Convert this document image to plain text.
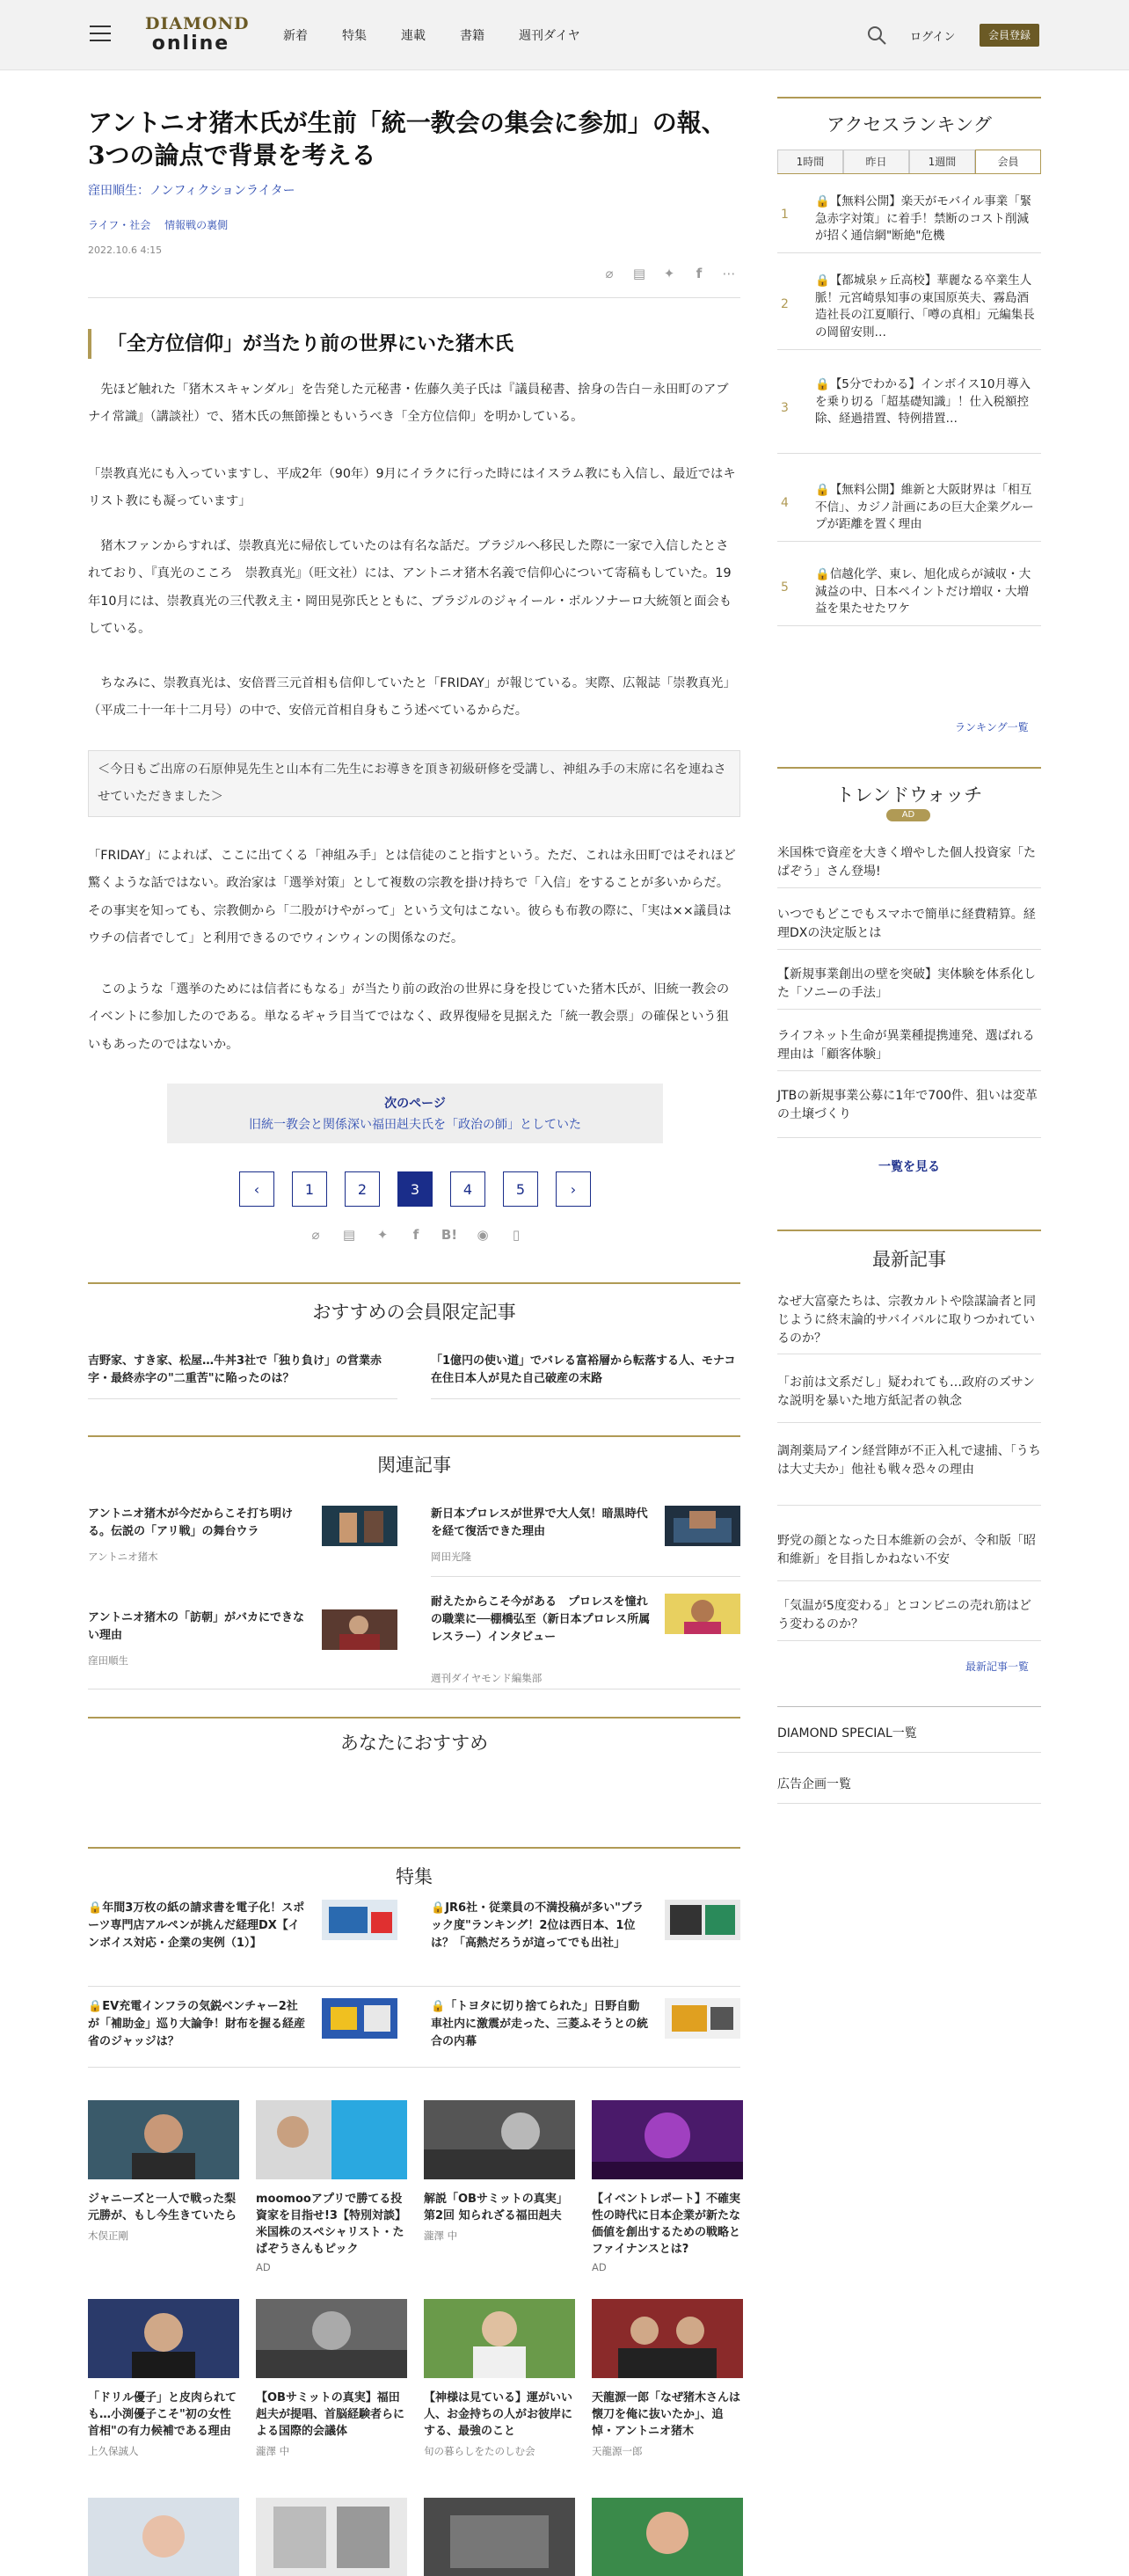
DIAMOND
online	新着	特集	連載	書籍	週刊ダイヤ	ログイン	会員登録
アントニオ猪木氏が生前「統一教会の集会に参加」の報、3つの論点で背景を考える
窪田順生：ノンフィクションライター
ライフ・社会 情報戦の裏側
2022.10.6 4:15
⌀	▤	✦	f	⋯
「全方位信仰」が当たり前の世界にいた猪木氏

先ほど触れた「猪木スキャンダル」を告発した元秘書・佐藤久美子氏は『議員秘書、捨身の告白－永田町のアブナイ常識』（講談社）で、猪木氏の無節操ともいうべき「全方位信仰」を明かしている。

「崇教真光にも入っていますし、平成2年（90年）9月にイラクに行った時にはイスラム教にも入信し、最近ではキリスト教にも凝っています」

猪木ファンからすれば、崇教真光に帰依していたのは有名な話だ。ブラジルへ移民した際に一家で入信したとされており、『真光のこころ　崇教真光』（旺文社）には、アントニオ猪木名義で信仰心について寄稿もしていた。19年10月には、崇教真光の三代教え主・岡田晃弥氏とともに、ブラジルのジャイール・ボルソナーロ大統領と面会もしている。

ちなみに、崇教真光は、安倍晋三元首相も信仰していたと「FRIDAY」が報じている。実際、広報誌「崇教真光」（平成二十一年十二月号）の中で、安倍元首相自身もこう述べているからだ。

＜今日もご出席の石原伸晃先生と山本有二先生にお導きを頂き初級研修を受講し、神組み手の末席に名を連ねさせていただきました＞

「FRIDAY」によれば、ここに出てくる「神組み手」とは信徒のこと指すという。ただ、これは永田町ではそれほど驚くような話ではない。政治家は「選挙対策」として複数の宗教を掛け持ちで「入信」をすることが多いからだ。その事実を知っても、宗教側から「二股がけやがって」という文句はこない。彼らも布教の際に、「実は××議員はウチの信者でして」と利用できるのでウィンウィンの関係なのだ。

このような「選挙のためには信者にもなる」が当たり前の政治の世界に身を投じていた猪木氏が、旧統一教会のイベントに参加したのである。単なるギャラ目当てではなく、政界復帰を見据えた「統一教会票」の確保という狙いもあったのではないか。

次のページ
旧統一教会と関係深い福田赳夫氏を「政治の師」としていた
‹	1	2	3	4	5	›
⌀	▤	✦	f	B! ◉	▯
おすすめの会員限定記事
吉野家、すき家、松屋…牛丼3社で「独り負け」の営業赤字・最終赤字の"二重苦"に陥ったのは？
「1億円の使い道」でバレる富裕層から転落する人、モナコ在住日本人が見た自己破産の末路
関連記事
アントニオ猪木が今だからこそ打ち明ける。伝説の「アリ戦」の舞台ウラ
アントニオ猪木
新日本プロレスが世界で大人気！暗黒時代を経て復活できた理由
岡田光隆
アントニオ猪木の「訪朝」がバカにできない理由
窪田順生
耐えたからこそ今がある　プロレスを憧れの職業に──棚橋弘至（新日本プロレス所属レスラー）インタビュー
週刊ダイヤモンド編集部
あなたにおすすめ
特集
🔒年間3万枚の紙の請求書を電子化！スポーツ専門店アルペンが挑んだ経理DX【インボイス対応・企業の実例（1）】
🔒JR6社・従業員の不満投稿が多い"ブラック度"ランキング！2位は西日本、1位は？「高熱だろうが這ってでも出社」
🔒EV充電インフラの気鋭ベンチャー2社が「補助金」巡り大論争！財布を握る経産省のジャッジは？
🔒「トヨタに切り捨てられた」日野自動車社内に激震が走った、三菱ふそうとの統合の内幕
ジャニーズと一人で戦った梨元勝が、もし今生きていたら
木俣正剛
moomooアプリで勝てる投資家を目指せ!3【特別対談】米国株のスペシャリスト・たぱぞうさんもピック
AD
解説「OBサミットの真実」第2回 知られざる福田赳夫
瀧澤 中
【イベントレポート】不確実性の時代に日本企業が新たな価値を創出するための戦略とファイナンスとは?
AD
「ドリル優子」と皮肉られても…小渕優子こそ"初の女性首相"の有力候補である理由
上久保誠人
【OBサミットの真実】福田赳夫が提唱、首脳経験者らによる国際的会議体
瀧澤 中
【神様は見ている】運がいい人、お金持ちの人がお彼岸にする、最強のこと
旬の暮らしをたのしむ会
天龍源一郎「なぜ猪木さんは懐刀を俺に抜いたか」、追悼・アントニオ猪木
天龍源一郎
アクセスランキング
1時間	昨日	1週間	会員
1
🔒【無料公開】楽天がモバイル事業「緊急赤字対策」に着手！禁断のコスト削減が招く通信網"断絶"危機
2
🔒【都城泉ヶ丘高校】華麗なる卒業生人脈！元宮崎県知事の東国原英夫、霧島酒造社長の江夏順行、「噂の真相」元編集長の岡留安則…
3
🔒【5分でわかる】インボイス10月導入を乗り切る「超基礎知識」！仕入税額控除、経過措置、特例措置…
4
🔒【無料公開】維新と大阪財界は「相互不信」、カジノ計画にあの巨大企業グループが距離を置く理由
5
🔒信越化学、東レ、旭化成らが減収・大減益の中、日本ペイントだけ増収・大増益を果たせたワケ
ランキング一覧
トレンドウォッチ
AD
米国株で資産を大きく増やした個人投資家「たぱぞう」さん登場!
いつでもどこでもスマホで簡単に経費精算。経理DXの決定版とは
【新規事業創出の壁を突破】実体験を体系化した「ソニーの手法」
ライフネット生命が異業種提携連発、選ばれる理由は「顧客体験」
JTBの新規事業公募に1年で700件、狙いは変革の土壌づくり
一覧を見る
最新記事
なぜ大富豪たちは、宗教カルトや陰謀論者と同じように終末論的サバイバルに取りつかれているのか？
「お前は文系だし」疑われても…政府のズサンな説明を暴いた地方紙記者の執念
調剤薬局アイン経営陣が不正入札で逮捕、「うちは大丈夫か」他社も戦々恐々の理由
野党の顔となった日本維新の会が、令和版「昭和維新」を目指しかねない不安
「気温が5度変わる」とコンビニの売れ筋はどう変わるのか？
最新記事一覧
DIAMOND SPECIAL一覧
広告企画一覧
